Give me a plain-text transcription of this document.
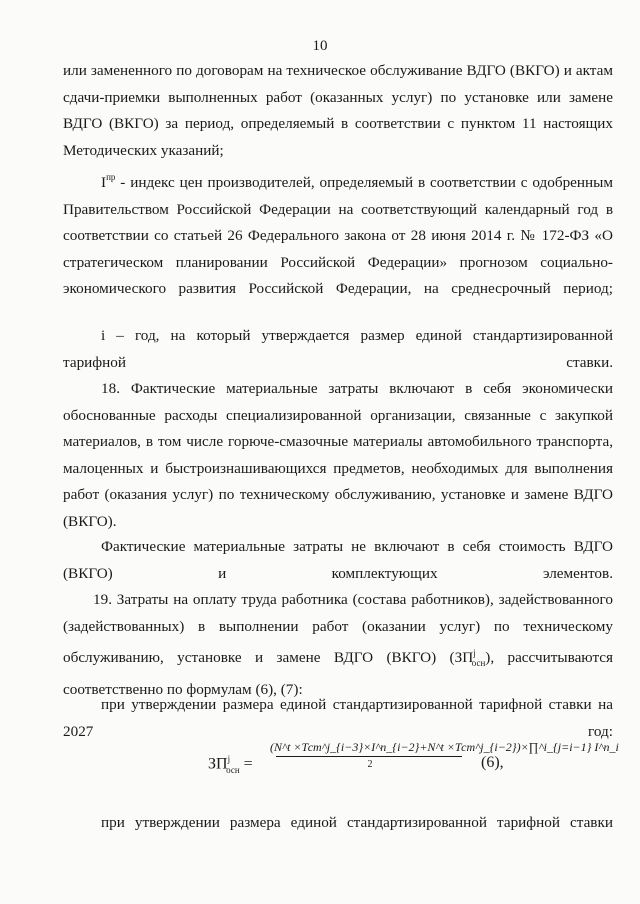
10

или замененного по договорам на техническое обслуживание ВДГО (ВКГО) и актам сдачи-приемки выполненных работ (оказанных услуг) по установке или замене ВДГО (ВКГО) за период, определяемый в соответствии с пунктом 11 настоящих Методических указаний;

$I^{пр}$ - индекс цен производителей, определяемый в соответствии с одобренным Правительством Российской Федерации на соответствующий календарный год в соответствии со статьей 26 Федерального закона от 28 июня 2014 г. № 172-ФЗ «О стратегическом планировании Российской Федерации» прогнозом социально-экономического развития Российской Федерации, на среднесрочный период;

i – год, на который утверждается размер единой стандартизированной тарифной ставки.

18. Фактические материальные затраты включают в себя экономически обоснованные расходы специализированной организации, связанные с закупкой материалов, в том числе горюче-смазочные материалы автомобильного транспорта, малоценных и быстроизнашивающихся предметов, необходимых для выполнения работ (оказания услуг) по техническому обслуживанию, установке и замене ВДГО (ВКГО).

Фактические материальные затраты не включают в себя стоимость ВДГО (ВКГО) и комплектующих элементов.

19. Затраты на оплату труда работника (состава работников), задействованного (задействованных) в выполнении работ (оказании услуг) по техническому обслуживанию, установке и замене ВДГО (ВКГО) $(ЗП^j_{осн})$, рассчитываются соответственно по формулам (6), (7):

при утверждении размера единой стандартизированной тарифной ставки на 2027 год:

$ЗП^j_{осн}$ =
(N^t ×Тст^j_{i−3}×I^п_{i−2}+N^t ×Тст^j_{i−2})×∏^i_{j=i−1} I^п_i
2	(6),

при утверждении размера единой стандартизированной тарифной ставки
